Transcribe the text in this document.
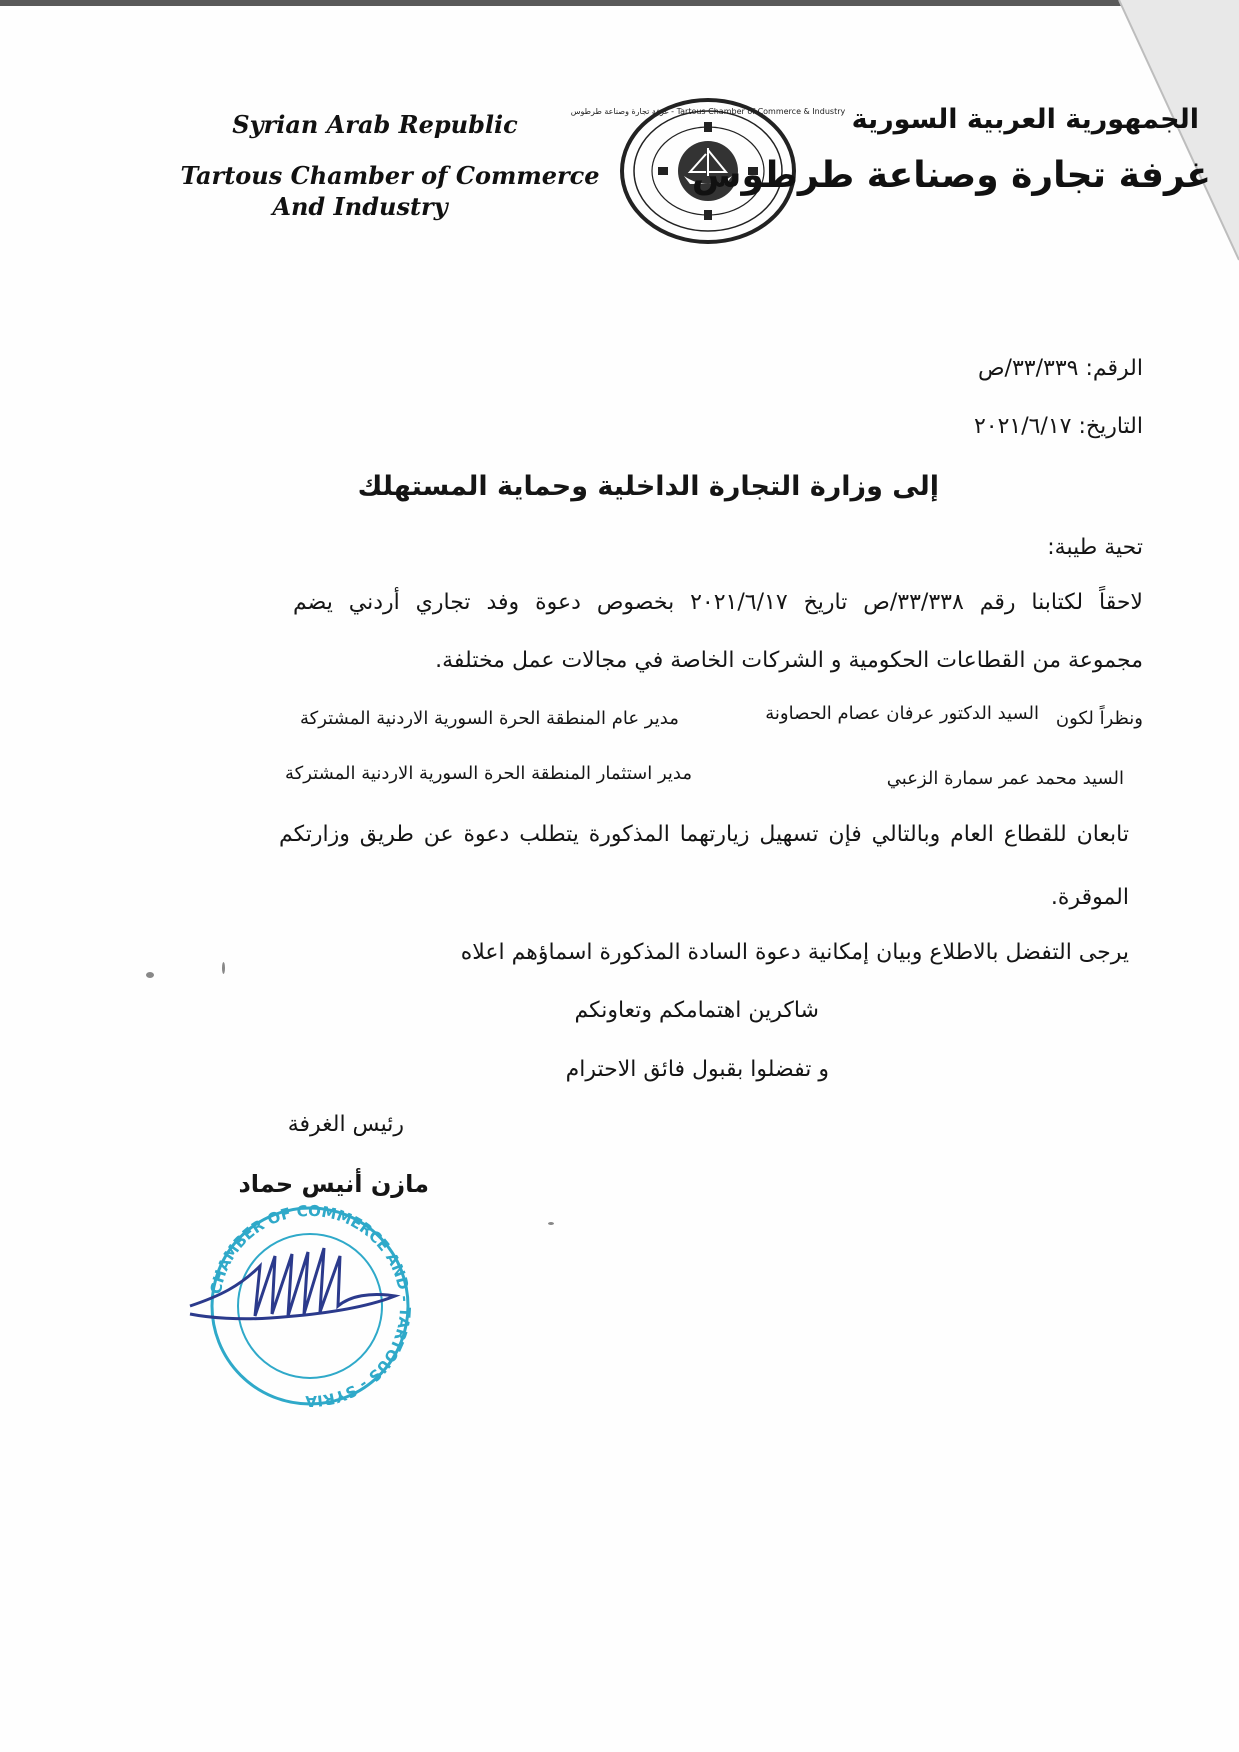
Syrian Arab Republic
Tartous Chamber of Commerce
And Industry
غرفة تجارة وصناعة طرطوس - Tartous Chamber of Commerce & Industry الجمهورية العربية السورية
غرفة تجارة وصناعة طرطوس
الرقم: ٣٣/٣٣٩/ص
التاريخ: ٢٠٢١/٦/١٧
إلى وزارة التجارة الداخلية وحماية المستهلك
تحية طيبة:
لاحقاً لكتابنا رقم ٣٣/٣٣٨/ص تاريخ ٢٠٢١/٦/١٧ بخصوص دعوة وفد تجاري أردني يضم
مجموعة من القطاعات الحكومية و الشركات الخاصة في مجالات عمل مختلفة.
ونظراً لكون
السيد الدكتور عرفان عصام الحصاونة
مدير عام المنطقة الحرة السورية الاردنية المشتركة
السيد محمد عمر سمارة الزعبي
مدير استثمار المنطقة الحرة السورية الاردنية المشتركة
تابعان للقطاع العام وبالتالي فإن تسهيل زيارتهما المذكورة يتطلب دعوة عن طريق وزارتكم
الموقرة.
يرجى التفضل بالاطلاع وبيان إمكانية دعوة السادة المذكورة اسماؤهم اعلاه
شاكرين اهتمامكم وتعاونكم
و تفضلوا بقبول فائق الاحترام
رئيس الغرفة
مازن أنيس حماد
CHAMBER OF COMMERCE AND - TARTOUS - SYRIA
